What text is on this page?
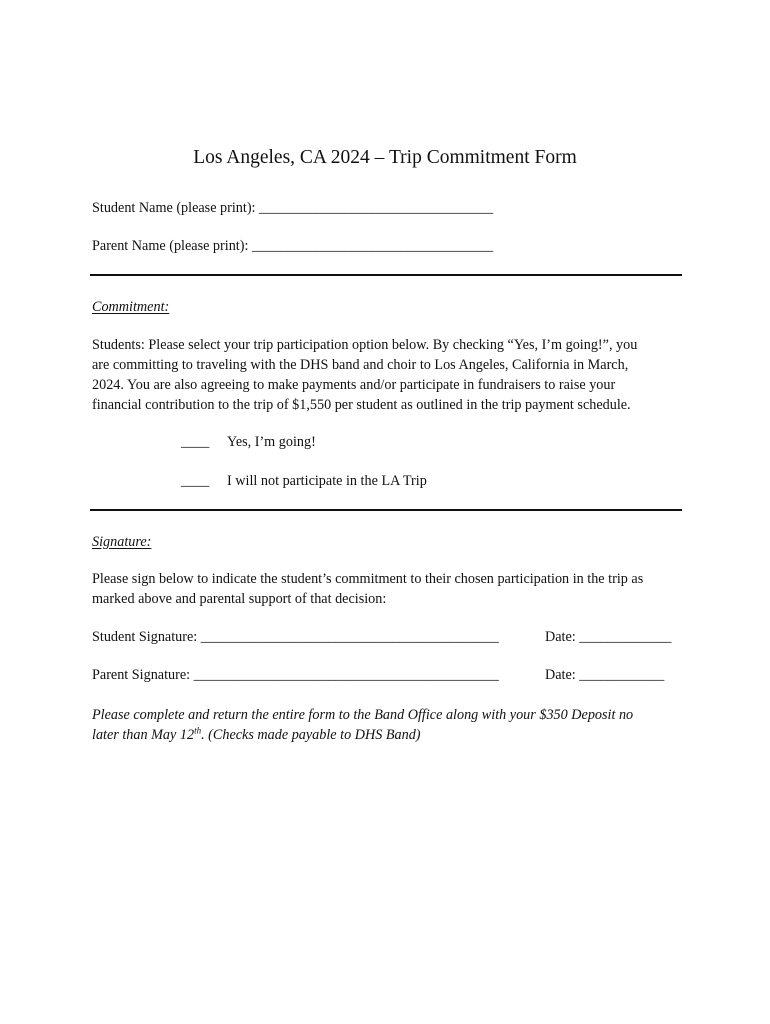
Los Angeles, CA 2024 – Trip Commitment Form
Student Name (please print): _________________________________
Parent Name (please print): __________________________________
Commitment:
Students: Please select your trip participation option below. By checking “Yes, I’m going!”, you
are committing to traveling with the DHS band and choir to Los Angeles, California in March,
2024. You are also agreeing to make payments and/or participate in fundraisers to raise your
financial contribution to the trip of $1,550 per student as outlined in the trip payment schedule.
____ Yes, I’m going!
____ I will not participate in the LA Trip
Signature:
Please sign below to indicate the student’s commitment to their chosen participation in the trip as
marked above and parental support of that decision:
Student Signature: __________________________________________	Date: _____________
Parent Signature: ___________________________________________	Date: ____________
Please complete and return the entire form to the Band Office along with your $350 Deposit no
later than May 12th. (Checks made payable to DHS Band)
